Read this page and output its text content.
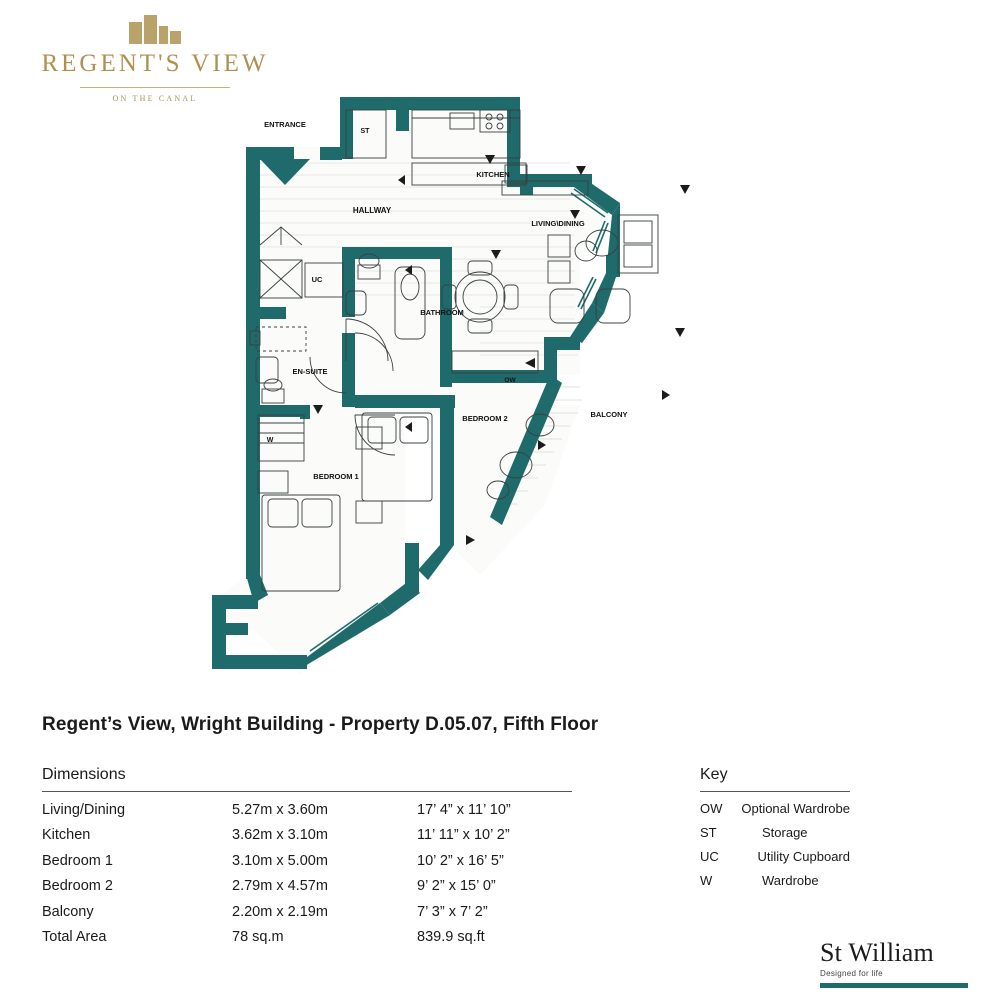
REGENT'S VIEW
ON THE CANAL
ST
KITCHEN
HALLWAY
LIVING\DINING
UC
BATHROOM
EN-SUITE
OW
BEDROOM 2	BALCONY
W
BEDROOM 1
ENTRANCE
Regent’s View, Wright Building - Property D.05.07, Fifth Floor
Dimensions
Living/Dining	5.27m x 3.60m	17’ 4” x 11’ 10”
Kitchen	3.62m x 3.10m	11’ 11” x 10’ 2”
Bedroom 1	3.10m x 5.00m	10’ 2” x 16’ 5”
Bedroom 2	2.79m x 4.57m	9’ 2” x 15’ 0”
Balcony	2.20m x 2.19m	7’ 3” x 7’ 2”
Total Area	78 sq.m	839.9 sq.ft
Key
OW	Optional Wardrobe
ST	Storage
UC	Utility Cupboard
W	Wardrobe
St William
Designed for life
